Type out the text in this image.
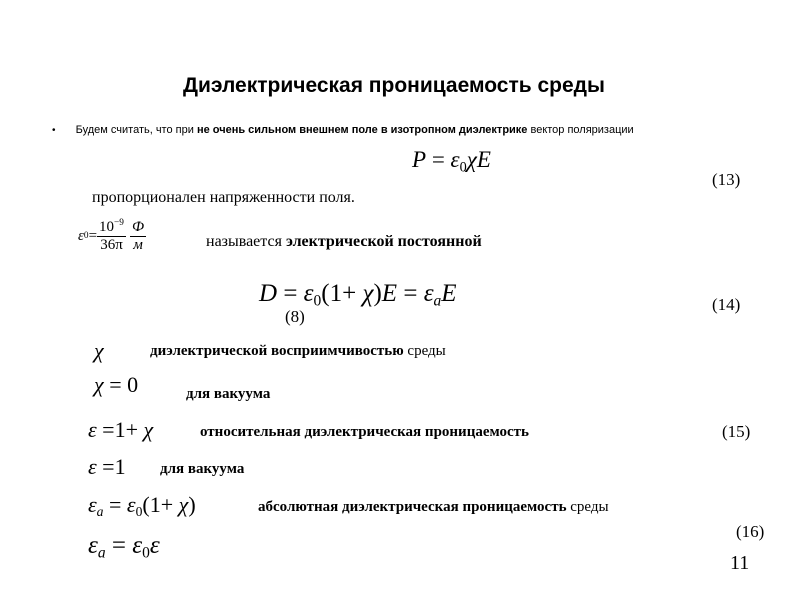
Диэлектрическая проницаемость среды
• Будем считать, что при не очень сильном внешнем поле в изотропном диэлектрике вектор поляризации
$P = \varepsilon_0\chi E$
(13)
пропорционален напряженности поля.
ε $0 = \frac{10^{-9}}{36\pi} \frac{Ф}{м}$	называется электрической постоянной
$D = \varepsilon_0(1+ \chi)E = \varepsilon_aE$	(14)
(8)
χ	диэлектрической восприимчивостью среды
χ = 0	для вакуума
ε =1+ χ	относительная диэлектрическая проницаемость	(15)
ε =1 для вакуума
$\varepsilon_a = \varepsilon_0(1+ \chi)$	абсолютная диэлектрическая проницаемость среды
(16)
$\varepsilon_a = \varepsilon_0\varepsilon$
11
